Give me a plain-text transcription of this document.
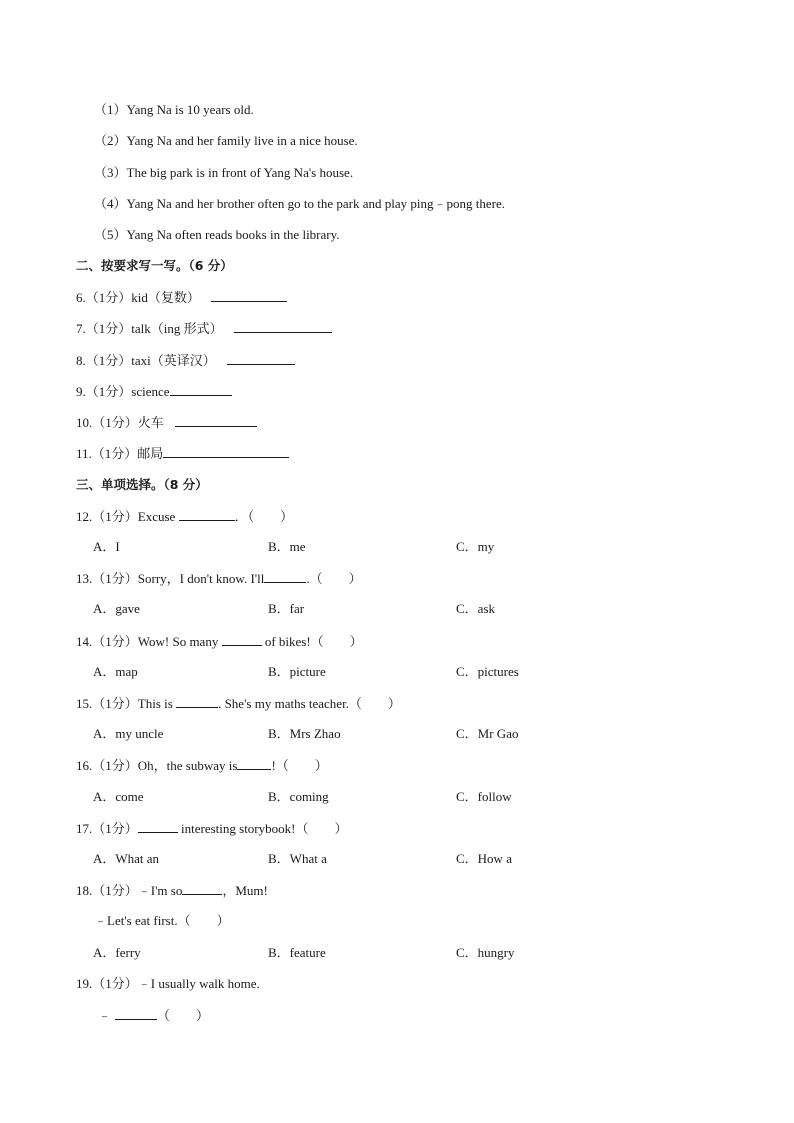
（1）Yang Na is 10 years old.
（2）Yang Na and her family live in a nice house.
（3）The big park is in front of Yang Na's house.
（4）Yang Na and her brother often go to the park and play ping﹣pong there.
（5）Yang Na often reads books in the library.
二、按要求写一写。（6 分）
6.（1分）kid（复数）
7.（1分）talk（ing 形式）
8.（1分）taxi（英译汉）
9.（1分）science
10.（1分）火车
11.（1分）邮局
三、单项选择。（8 分）
12.（1分）Excuse	．（　　）
A．I	B．me	C．my
13.（1分）Sorry，I don't know. I'll	.（　　）
A．gave	B．far	C．ask
14.（1分）Wow! So many	of bikes!（　　）
A．map	B．picture	C．pictures
15.（1分）This is	. She's my maths teacher.（　　）
A．my uncle	B．Mrs Zhao	C．Mr Gao
16.（1分）Oh，the subway is	!（　　）
A．come	B．coming	C．follow
17.（1分）	interesting storybook!（　　）
A．What an	B．What a	C．How a
18.（1分）﹣I'm so	，Mum!
﹣Let's eat first.（　　）
A．ferry	B．feature	C．hungry
19.（1分）﹣I usually walk home.
﹣	（　　）
